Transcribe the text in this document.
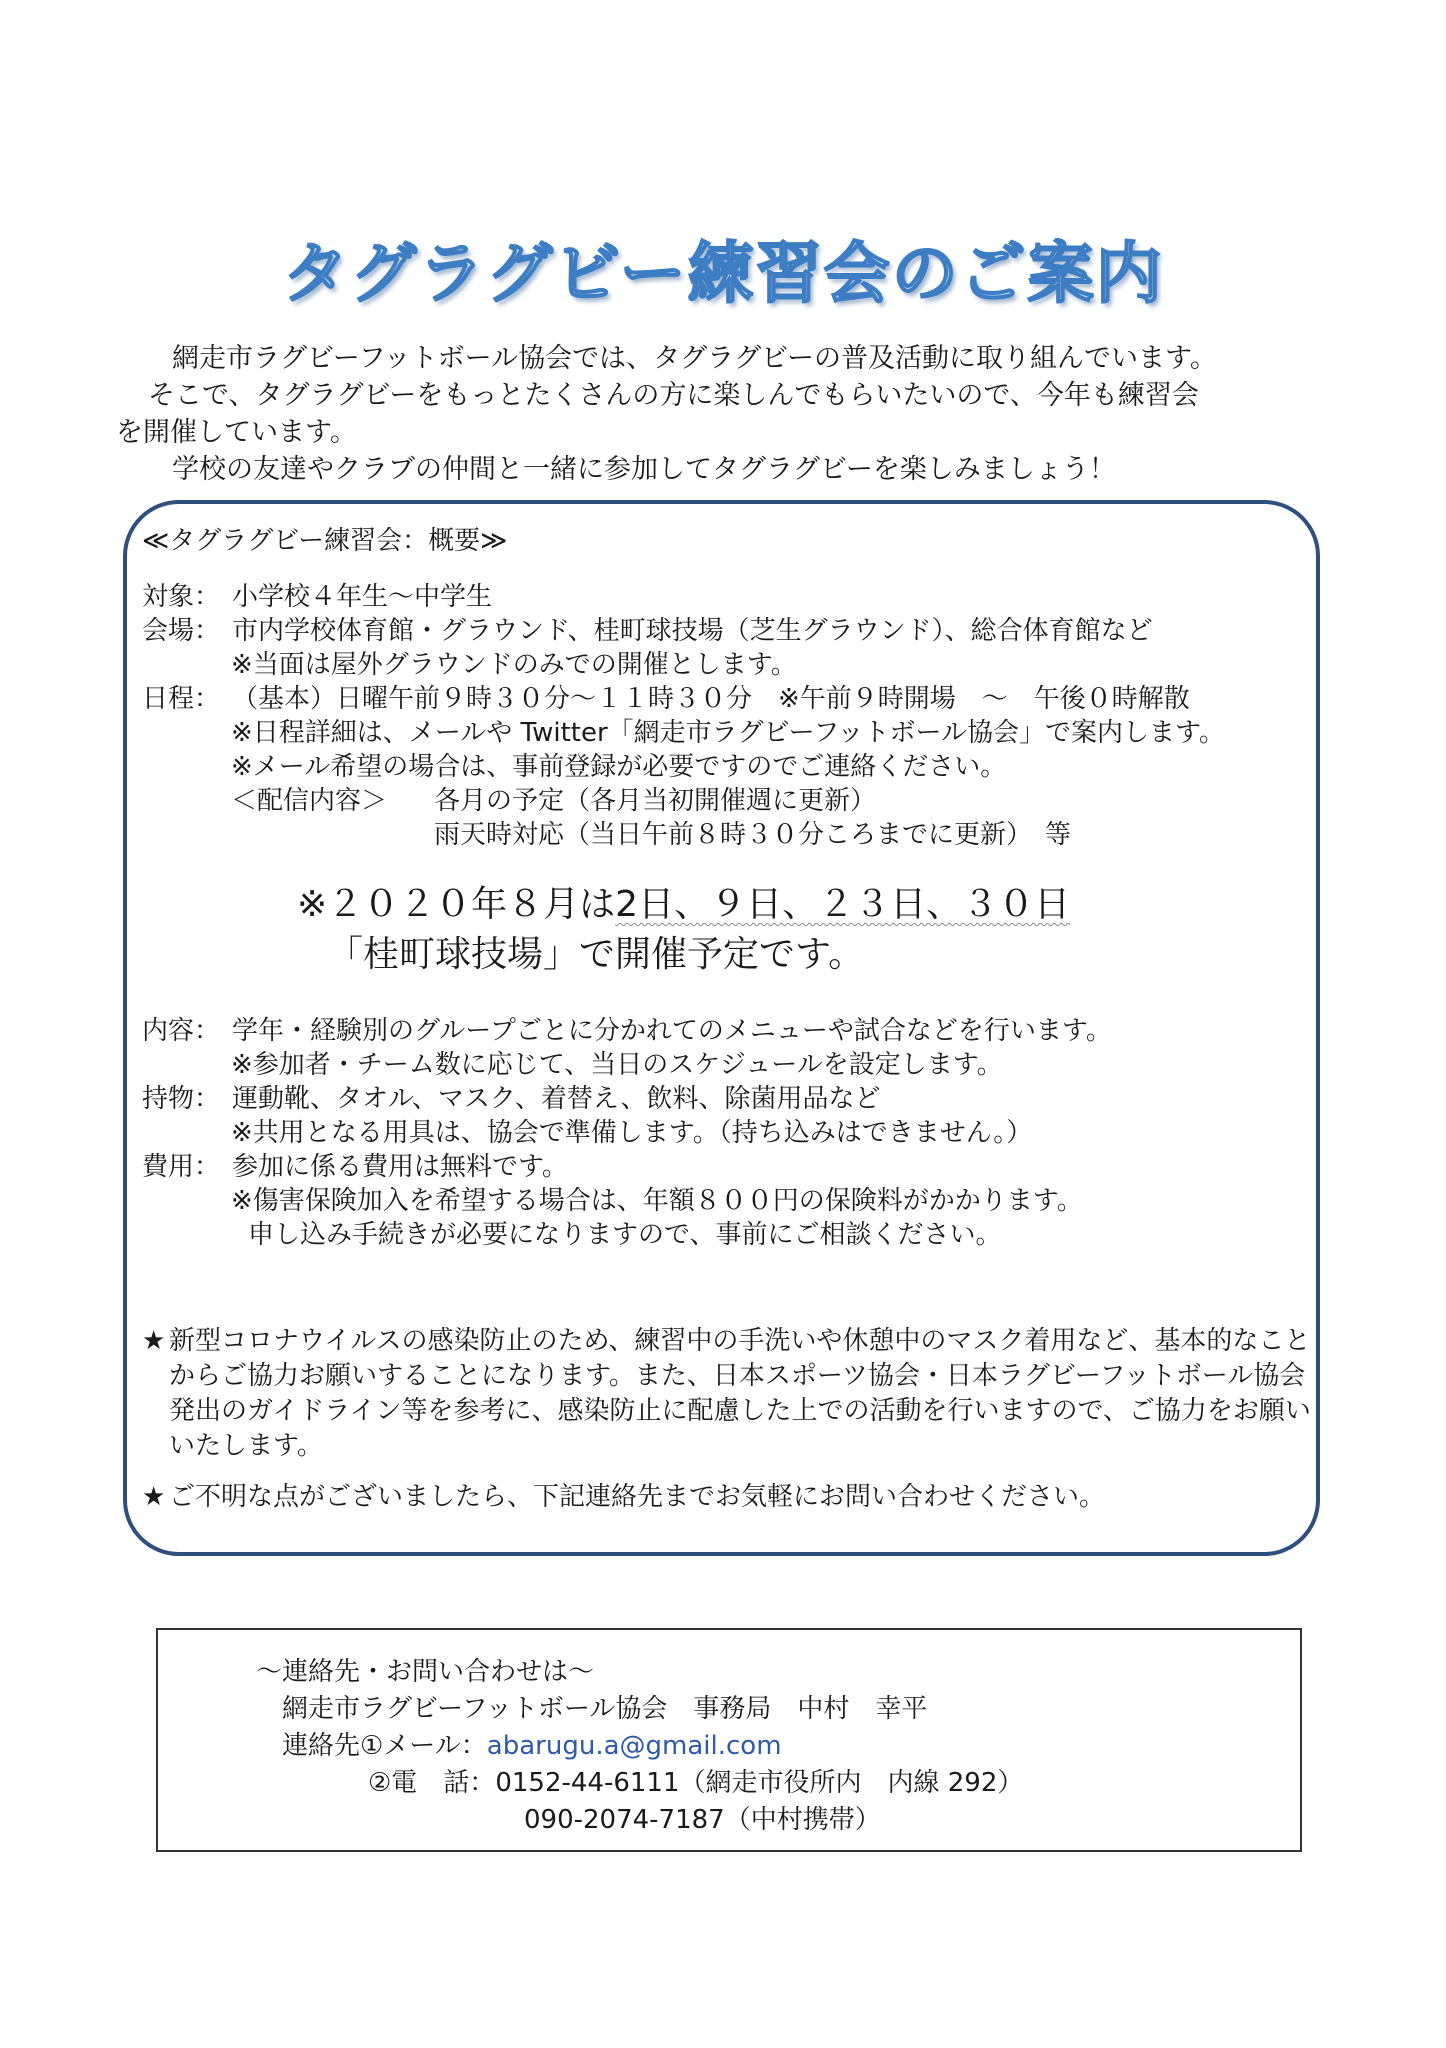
タグラグビー練習会のご案内

網走市ラグビーフットボール協会では、タグラグビーの普及活動に取り組んでいます。

そこで、タグラグビーをもっとたくさんの方に楽しんでもらいたいので、今年も練習会

を開催しています。

学校の友達やクラブの仲間と一緒に参加してタグラグビーを楽しみましょう！

≪タグラグビー練習会：概要≫
対象： 小学校４年生～中学生
会場： 市内学校体育館・グラウンド、桂町球技場（芝生グラウンド）、総合体育館など
※当面は屋外グラウンドのみでの開催とします。
日程： （基本）日曜午前９時３０分～１１時３０分　※午前９時開場　～　午後０時解散
※日程詳細は、メールや Twitter「網走市ラグビーフットボール協会」で案内します。
※メール希望の場合は、事前登録が必要ですのでご連絡ください。
＜配信内容＞	各月の予定（各月当初開催週に更新）
雨天時対応（当日午前８時３０分ころまでに更新）　等
※２０２０年８月は2日、９日、２３日、３０日
「桂町球技場」で開催予定です。
内容： 学年・経験別のグループごとに分かれてのメニューや試合などを行います。
※参加者・チーム数に応じて、当日のスケジュールを設定します。
持物： 運動靴、タオル、マスク、着替え、飲料、除菌用品など
※共用となる用具は、協会で準備します。（持ち込みはできません。）
費用： 参加に係る費用は無料です。
※傷害保険加入を希望する場合は、年額８００円の保険料がかかります。
申し込み手続きが必要になりますので、事前にご相談ください。
★ 新型コロナウイルスの感染防止のため、練習中の手洗いや休憩中のマスク着用など、基本的なことからご協力お願いすることになります。また、日本スポーツ協会・日本ラグビーフットボール協会発出のガイドライン等を参考に、感染防止に配慮した上での活動を行いますので、ご協力をお願いいたします。
★ ご不明な点がございましたら、下記連絡先までお気軽にお問い合わせください。
～連絡先・お問い合わせは～
網走市ラグビーフットボール協会　事務局　中村　幸平
連絡先①メール：abarugu.a@gmail.com
②電　話：0152-44-6111（網走市役所内　内線 292）
090-2074-7187（中村携帯）
